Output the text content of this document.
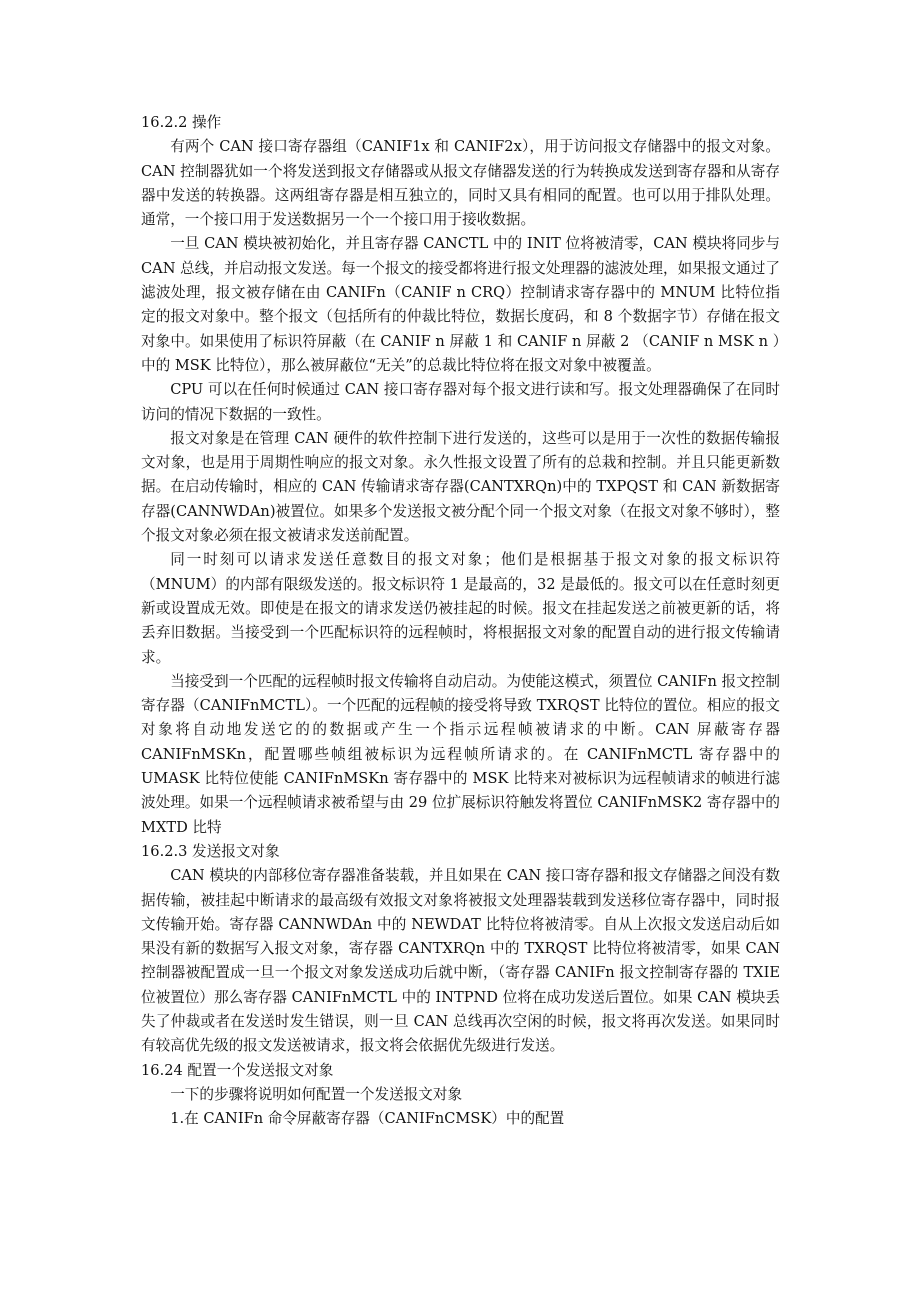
16.2.2 操作

有两个 CAN 接口寄存器组（CANIF1x 和 CANIF2x），用于访问报文存储器中的报文对象。CAN 控制器犹如一个将发送到报文存储器或从报文存储器发送的行为转换成发送到寄存器和从寄存器中发送的转换器。这两组寄存器是相互独立的，同时又具有相同的配置。也可以用于排队处理。通常，一个接口用于发送数据另一个一个接口用于接收数据。

一旦 CAN 模块被初始化，并且寄存器 CANCTL 中的 INIT 位将被清零，CAN 模块将同步与 CAN 总线，并启动报文发送。每一个报文的接受都将进行报文处理器的滤波处理，如果报文通过了滤波处理，报文被存储在由 CANIFn（CANIF n CRQ）控制请求寄存器中的 MNUM 比特位指定的报文对象中。整个报文（包括所有的仲裁比特位，数据长度码，和 8 个数据字节）存储在报文对象中。如果使用了标识符屏蔽（在 CANIF n 屏蔽 1 和 CANIF n 屏蔽 2 （CANIF n MSK n ）中的 MSK 比特位），那么被屏蔽位“无关”的总裁比特位将在报文对象中被覆盖。

CPU 可以在任何时候通过 CAN 接口寄存器对每个报文进行读和写。报文处理器确保了在同时访问的情况下数据的一致性。

报文对象是在管理 CAN 硬件的软件控制下进行发送的，这些可以是用于一次性的数据传输报文对象，也是用于周期性响应的报文对象。永久性报文设置了所有的总栽和控制。并且只能更新数据。在启动传输时，相应的 CAN 传输请求寄存器(CANTXRQn)中的 TXPQST 和 CAN 新数据寄存器(CANNWDAn)被置位。如果多个发送报文被分配个同一个报文对象（在报文对象不够时），整个报文对象必须在报文被请求发送前配置。

同一时刻可以请求发送任意数目的报文对象；他们是根据基于报文对象的报文标识符（MNUM）的内部有限级发送的。报文标识符 1 是最高的，32 是最低的。报文可以在任意时刻更新或设置成无效。即使是在报文的请求发送仍被挂起的时候。报文在挂起发送之前被更新的话，将丢弃旧数据。当接受到一个匹配标识符的远程帧时，将根据报文对象的配置自动的进行报文传输请求。

当接受到一个匹配的远程帧时报文传输将自动启动。为使能这模式，须置位 CANIFn 报文控制寄存器（CANIFnMCTL）。一个匹配的远程帧的接受将导致 TXRQST 比特位的置位。相应的报文对象将自动地发送它的的数据或产生一个指示远程帧被请求的中断。CAN 屏蔽寄存器 CANIFnMSKn，配置哪些帧组被标识为远程帧所请求的。在 CANIFnMCTL 寄存器中的 UMASK 比特位使能 CANIFnMSKn 寄存器中的 MSK 比特来对被标识为远程帧请求的帧进行滤波处理。如果一个远程帧请求被希望与由 29 位扩展标识符触发将置位 CANIFnMSK2 寄存器中的 MXTD 比特

16.2.3 发送报文对象

CAN 模块的内部移位寄存器准备装载，并且如果在 CAN 接口寄存器和报文存储器之间没有数据传输，被挂起中断请求的最高级有效报文对象将被报文处理器装载到发送移位寄存器中，同时报文传输开始。寄存器 CANNWDAn 中的 NEWDAT 比特位将被清零。自从上次报文发送启动后如果没有新的数据写入报文对象，寄存器 CANTXRQn 中的 TXRQST 比特位将被清零，如果 CAN 控制器被配置成一旦一个报文对象发送成功后就中断，（寄存器 CANIFn 报文控制寄存器的 TXIE 位被置位）那么寄存器 CANIFnMCTL 中的 INTPND 位将在成功发送后置位。如果 CAN 模块丢失了仲裁或者在发送时发生错误，则一旦 CAN 总线再次空闲的时候，报文将再次发送。如果同时有较高优先级的报文发送被请求，报文将会依据优先级进行发送。

16.24 配置一个发送报文对象

一下的步骤将说明如何配置一个发送报文对象

1.在 CANIFn 命令屏蔽寄存器（CANIFnCMSK）中的配置
